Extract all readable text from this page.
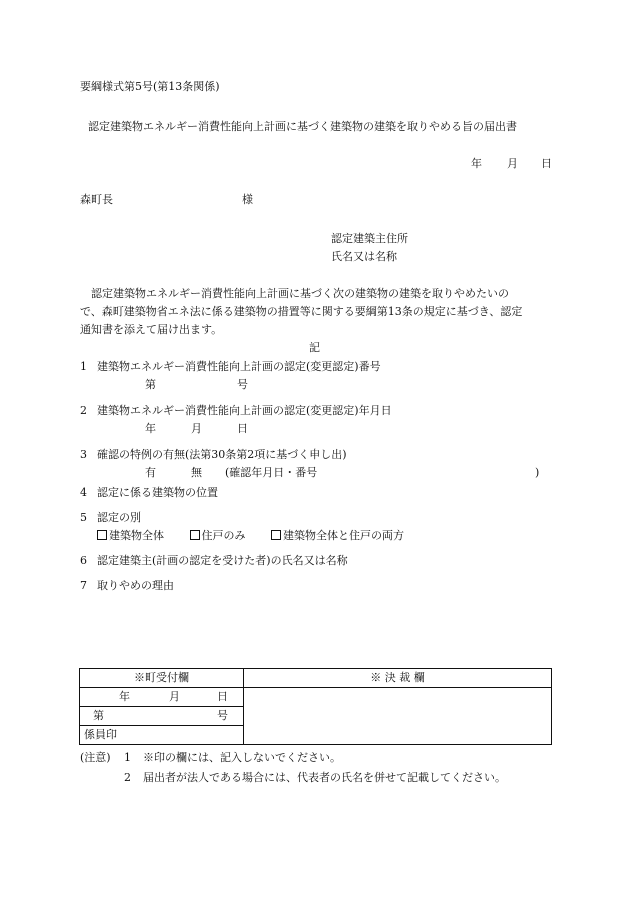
要綱様式第5号(第13条関係)
認定建築物エネルギー消費性能向上計画に基づく建築物の建築を取りやめる旨の届出書
年 月 日
森町長	様
認定建築主住所
氏名又は名称
認定建築物エネルギー消費性能向上計画に基づく次の建築物の建築を取りやめたいの
で、森町建築物省エネ法に係る建築物の措置等に関する要綱第13条の規定に基づき、認定
通知書を添えて届け出ます。
記
1 建築物エネルギー消費性能向上計画の認定(変更認定)番号
第	号
2 建築物エネルギー消費性能向上計画の認定(変更認定)年月日
年	月	日
3 確認の特例の有無(法第30条第2項に基づく申し出)
有	無 (確認年月日・番号	)
4 認定に係る建築物の位置
5 認定の別
建築物全体	住戸のみ	建築物全体と住戸の両方
6 認定建築主(計画の認定を受けた者)の氏名又は名称
7 取りやめの理由
※町受付欄	※ 決 裁 欄
年 月 日	
第 号	
係員印	
(注意) 1 ※印の欄には、記入しないでください。
2 届出者が法人である場合には、代表者の氏名を併せて記載してください。
